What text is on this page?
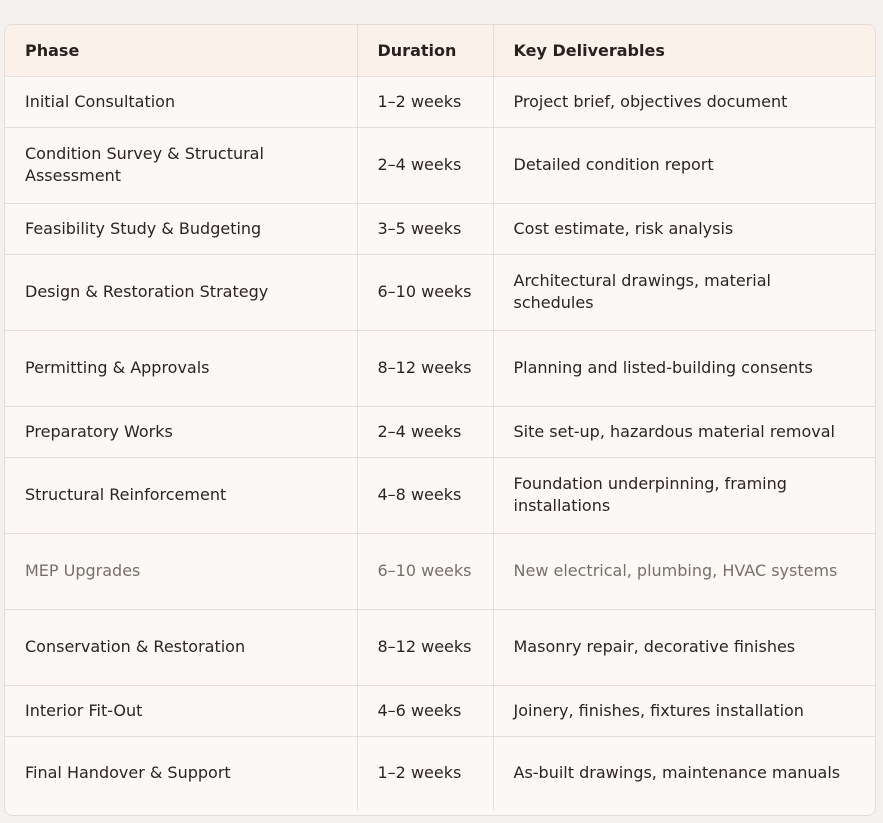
Phase	Duration	Key Deliverables
Initial Consultation	1–2 weeks	Project brief, objectives document
Condition Survey & Structural Assessment	2–4 weeks	Detailed condition report
Feasibility Study & Budgeting	3–5 weeks	Cost estimate, risk analysis
Design & Restoration Strategy	6–10 weeks	Architectural drawings, material schedules
Permitting & Approvals	8–12 weeks	Planning and listed-building consents
Preparatory Works	2–4 weeks	Site set-up, hazardous material removal
Structural Reinforcement	4–8 weeks	Foundation underpinning, framing installations
MEP Upgrades	6–10 weeks	New electrical, plumbing, HVAC systems
Conservation & Restoration	8–12 weeks	Masonry repair, decorative finishes
Interior Fit-Out	4–6 weeks	Joinery, finishes, fixtures installation
Final Handover & Support	1–2 weeks	As-built drawings, maintenance manuals
